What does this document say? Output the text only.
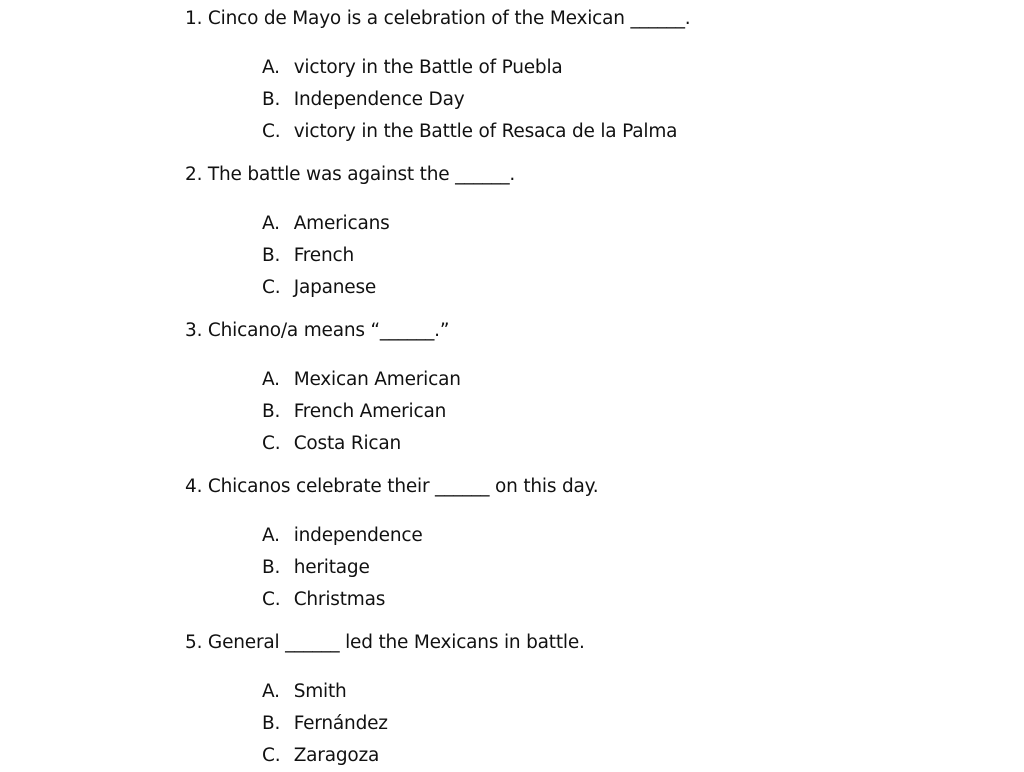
1. Cinco de Mayo is a celebration of the Mexican ______.
A. victory in the Battle of Puebla
B. Independence Day
C. victory in the Battle of Resaca de la Palma
2. The battle was against the ______.
A. Americans
B. French
C. Japanese
3. Chicano/a means “______.”
A. Mexican American
B. French American
C. Costa Rican
4. Chicanos celebrate their ______ on this day.
A. independence
B. heritage
C. Christmas
5. General ______ led the Mexicans in battle.
A. Smith
B. Fernández
C. Zaragoza
